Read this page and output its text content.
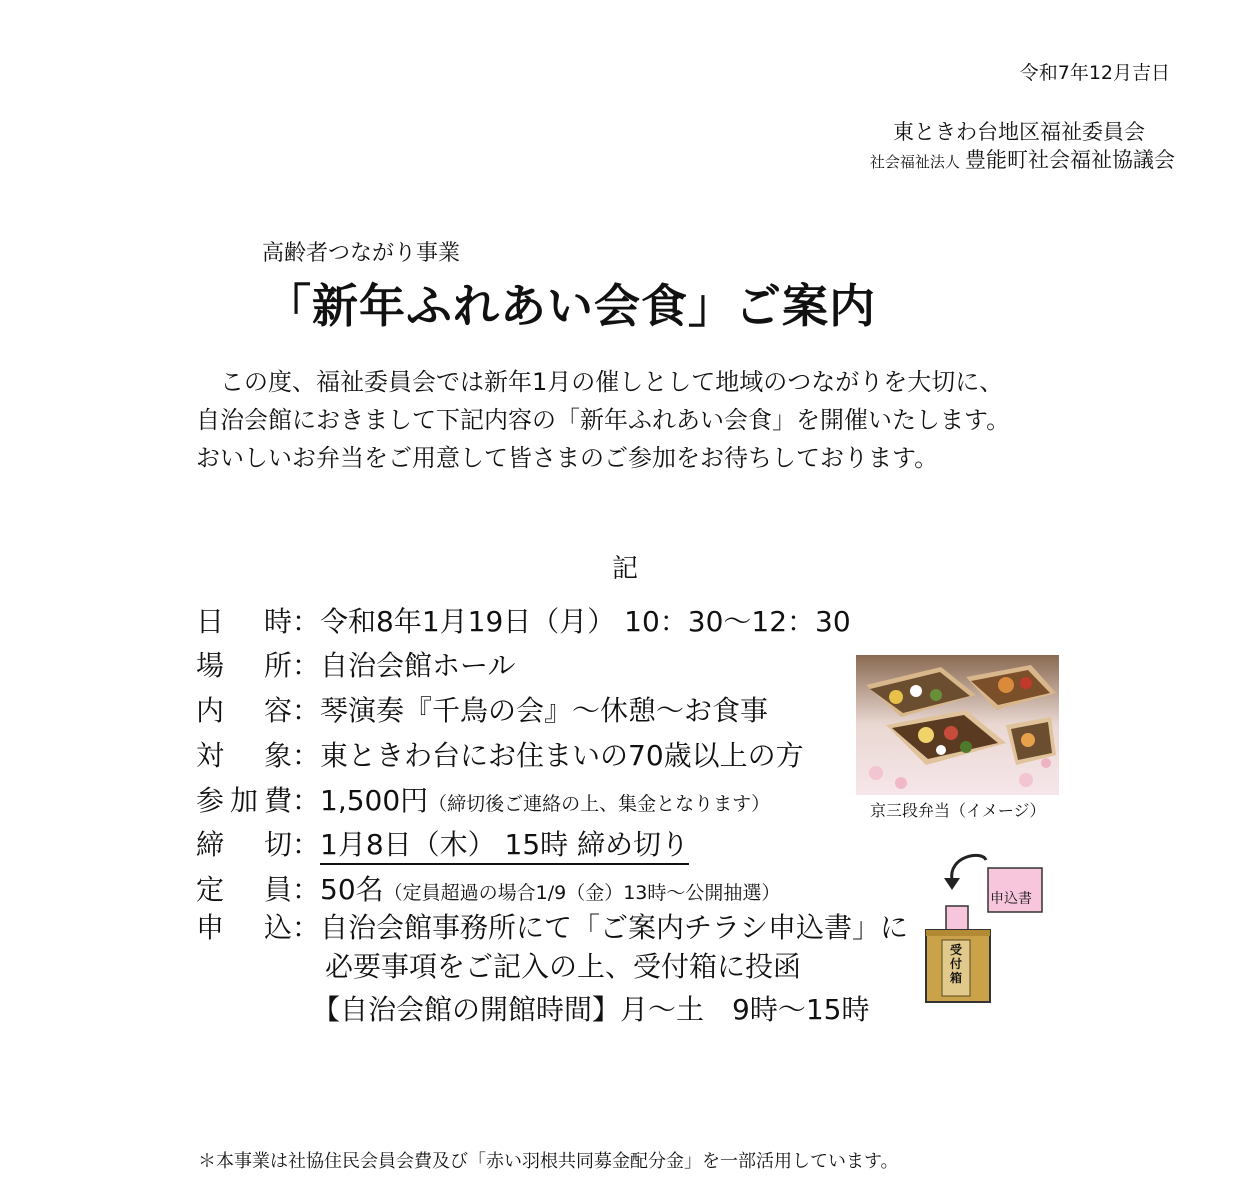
令和7年12月吉日
東ときわ台地区福祉委員会
社会福祉法人 豊能町社会福祉協議会
高齢者つながり事業
「新年ふれあい会食」ご案内
　この度、福祉委員会では新年1月の催しとして地域のつながりを大切に、
自治会館におきまして下記内容の「新年ふれあい会食」を開催いたします。
おいしいお弁当をご用意して皆さまのご参加をお待ちしております。
記
日時：令和8年1月19日（月） 10：30～12：30
場所：自治会館ホール
内容：琴演奏『千鳥の会』～休憩～お食事
対象：東ときわ台にお住まいの70歳以上の方
参加費：1,500円（締切後ご連絡の上、集金となります）
締切：1月8日（木） 15時 締め切り
定員：50名（定員超過の場合1/9（金）13時～公開抽選）
申込：自治会館事務所にて「ご案内チラシ申込書」に
必要事項をご記入の上、受付箱に投函
【自治会館の開館時間】月～土　9時～15時
京三段弁当（イメージ）
申込書
受付箱
＊本事業は社協住民会員会費及び「赤い羽根共同募金配分金」を一部活用しています。
